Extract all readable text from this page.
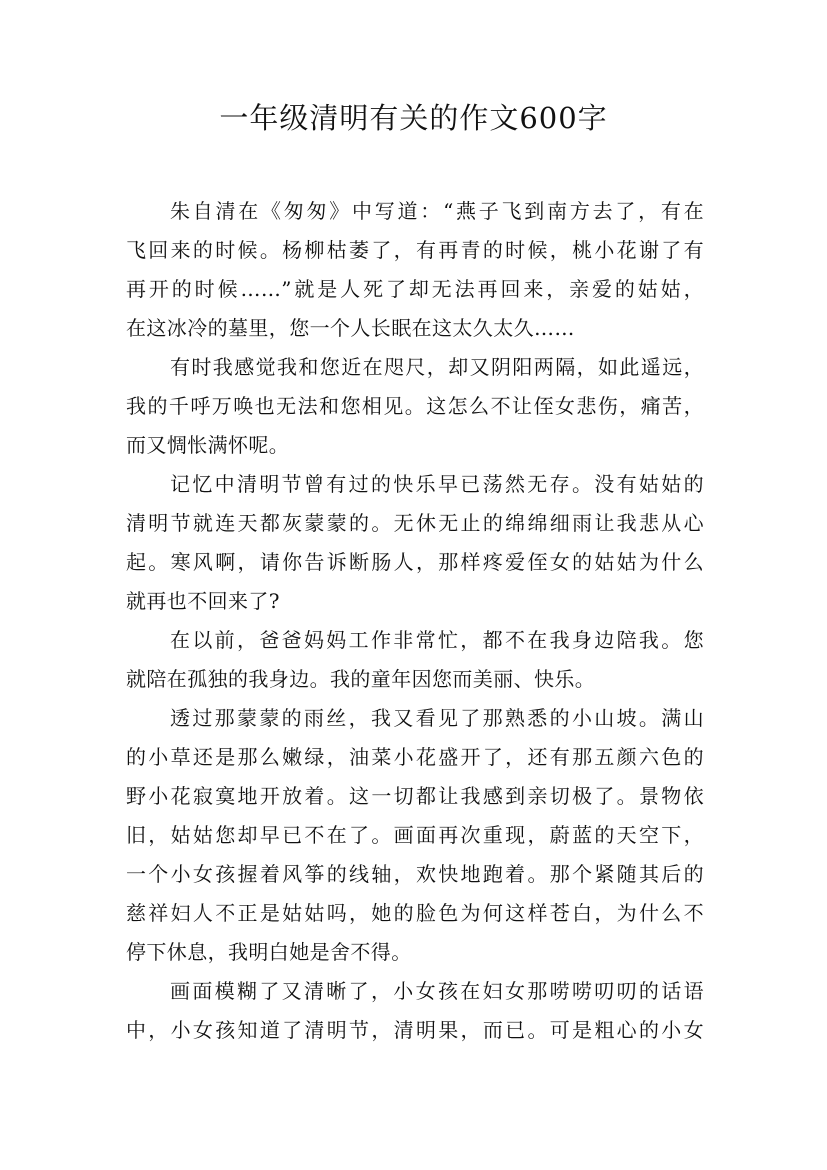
一年级清明有关的作文600字
朱自清在《匆匆》中写道：“燕子飞到南方去了，有在
飞回来的时候。杨柳枯萎了，有再青的时候，桃小花谢了有
再开的时候……”就是人死了却无法再回来，亲爱的姑姑，
在这冰冷的墓里，您一个人长眠在这太久太久……
有时我感觉我和您近在咫尺，却又阴阳两隔，如此遥远，
我的千呼万唤也无法和您相见。这怎么不让侄女悲伤，痛苦，
而又惆怅满怀呢。
记忆中清明节曾有过的快乐早已荡然无存。没有姑姑的
清明节就连天都灰蒙蒙的。无休无止的绵绵细雨让我悲从心
起。寒风啊，请你告诉断肠人，那样疼爱侄女的姑姑为什么
就再也不回来了?
在以前，爸爸妈妈工作非常忙，都不在我身边陪我。您
就陪在孤独的我身边。我的童年因您而美丽、快乐。
透过那蒙蒙的雨丝，我又看见了那熟悉的小山坡。满山
的小草还是那么嫩绿，油菜小花盛开了，还有那五颜六色的
野小花寂寞地开放着。这一切都让我感到亲切极了。景物依
旧，姑姑您却早已不在了。画面再次重现，蔚蓝的天空下，
一个小女孩握着风筝的线轴，欢快地跑着。那个紧随其后的
慈祥妇人不正是姑姑吗，她的脸色为何这样苍白，为什么不
停下休息，我明白她是舍不得。
画面模糊了又清晰了，小女孩在妇女那唠唠叨叨的话语
中，小女孩知道了清明节，清明果，而已。可是粗心的小女
